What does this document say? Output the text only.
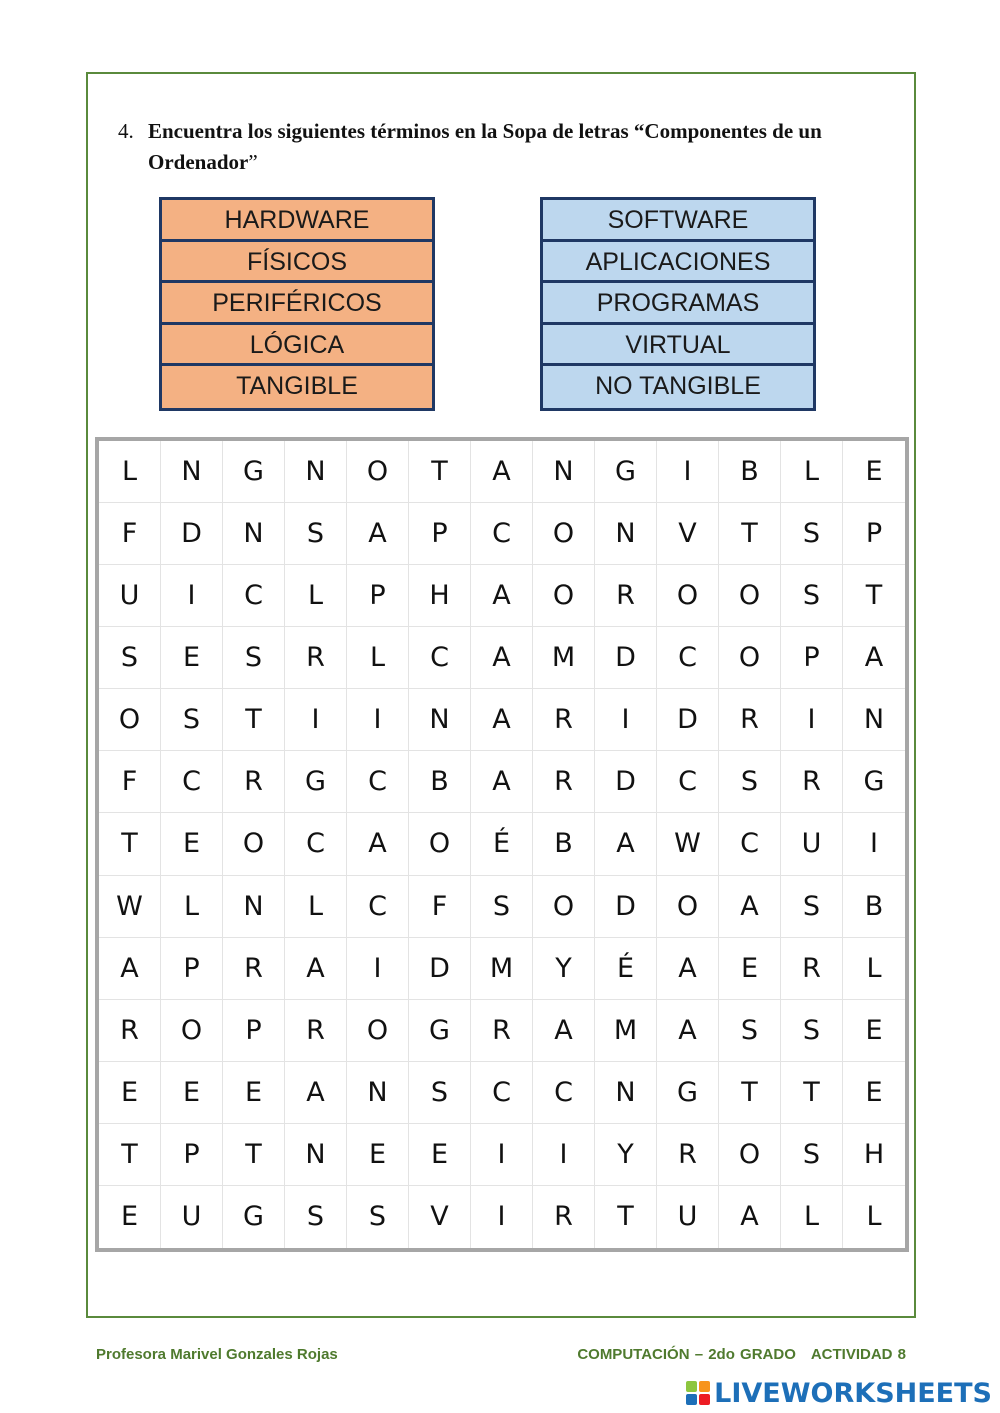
4. Encuentra los siguientes términos en la Sopa de letras “Componentes de un Ordenador”
HARDWARE
FÍSICOS
PERIFÉRICOS
LÓGICA
TANGIBLE
SOFTWARE
APLICACIONES
PROGRAMAS
VIRTUAL
NO TANGIBLE
L	N	G	N	O	T	A	N	G	I	B	L	E
F	D	N	S	A	P	C	O	N	V	T	S	P
U	I	C	L	P	H	A	O	R	O	O	S	T
S	E	S	R	L	C	A	M	D	C	O	P	A
O	S	T	I	I	N	A	R	I	D	R	I	N
F	C	R	G	C	B	A	R	D	C	S	R	G
T	E	O	C	A	O	É	B	A	W	C	U	I
W	L	N	L	C	F	S	O	D	O	A	S	B
A	P	R	A	I	D	M	Y	É	A	E	R	L
R	O	P	R	O	G	R	A	M	A	S	S	E
E	E	E	A	N	S	C	C	N	G	T	T	E
T	P	T	N	E	E	I	I	Y	R	O	S	H
E	U	G	S	S	V	I	R	T	U	A	L	L
Profesora Marivel Gonzales Rojas	COMPUTACIÓN – 2do GRADO   ACTIVIDAD 8
LIVEWORKSHEETS
